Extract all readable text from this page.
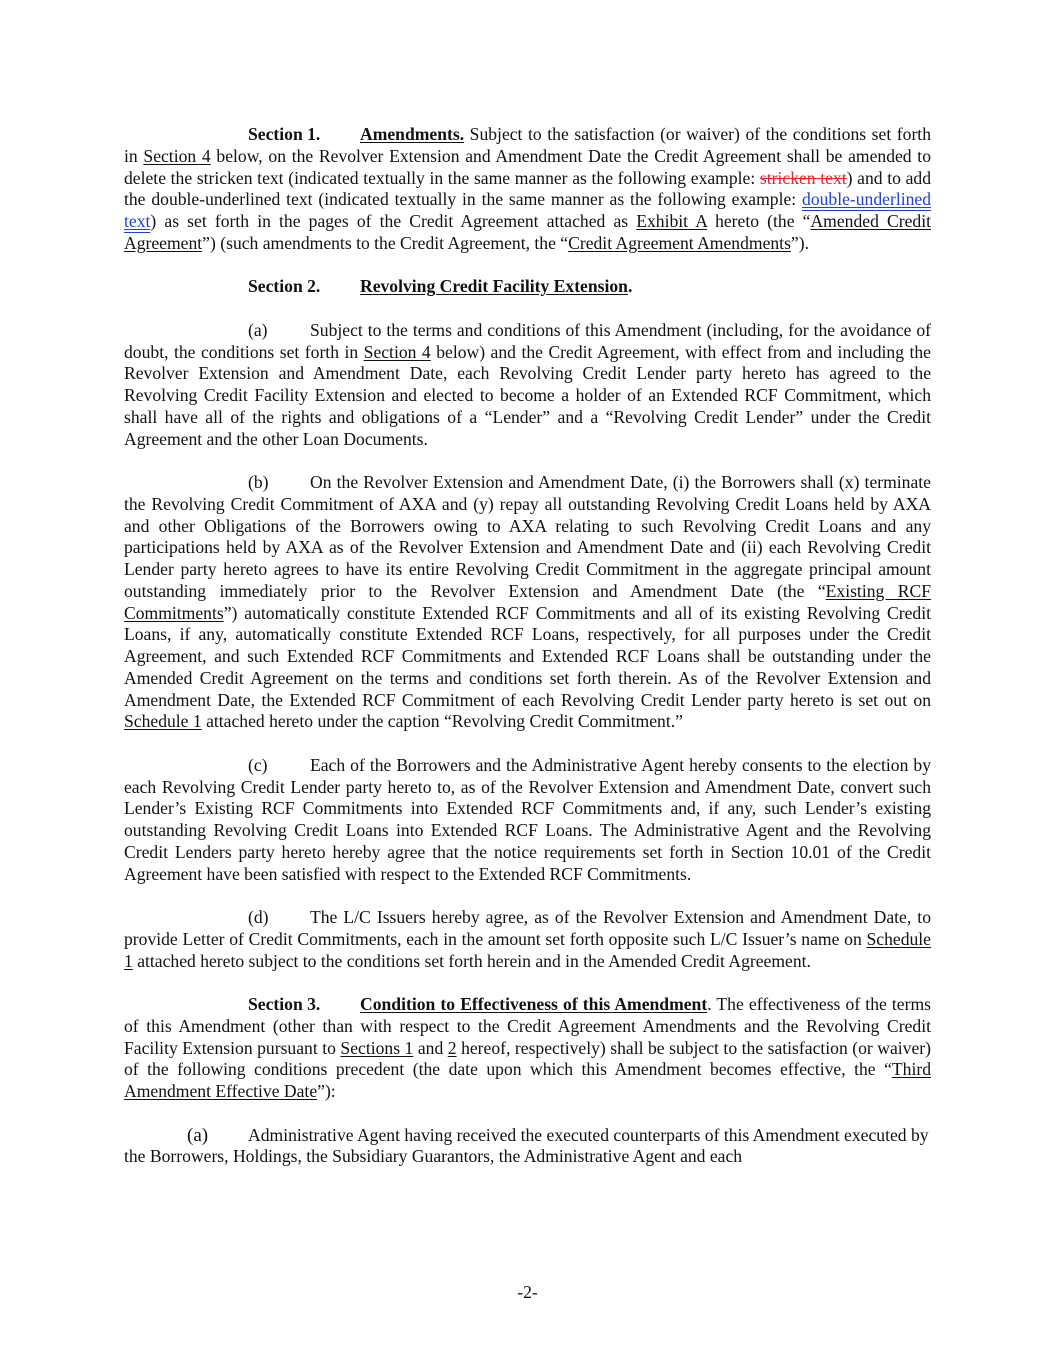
Section 1. Amendments. Subject to the satisfaction (or waiver) of the conditions set forth in Section 4 below, on the Revolver Extension and Amendment Date the Credit Agreement shall be amended to delete the stricken text (indicated textually in the same manner as the following example: stricken text) and to add the double-underlined text (indicated textually in the same manner as the following example: double-underlined text) as set forth in the pages of the Credit Agreement attached as Exhibit A hereto (the “Amended Credit Agreement”) (such amendments to the Credit Agreement, the “Credit Agreement Amendments”).

Section 2. Revolving Credit Facility Extension.

(a) Subject to the terms and conditions of this Amendment (including, for the avoidance of doubt, the conditions set forth in Section 4 below) and the Credit Agreement, with effect from and including the Revolver Extension and Amendment Date, each Revolving Credit Lender party hereto has agreed to the Revolving Credit Facility Extension and elected to become a holder of an Extended RCF Commitment, which shall have all of the rights and obligations of a “Lender” and a “Revolving Credit Lender” under the Credit Agreement and the other Loan Documents.

(b) On the Revolver Extension and Amendment Date, (i) the Borrowers shall (x) terminate the Revolving Credit Commitment of AXA and (y) repay all outstanding Revolving Credit Loans held by AXA and other Obligations of the Borrowers owing to AXA relating to such Revolving Credit Loans and any participations held by AXA as of the Revolver Extension and Amendment Date and (ii) each Revolving Credit Lender party hereto agrees to have its entire Revolving Credit Commitment in the aggregate principal amount outstanding immediately prior to the Revolver Extension and Amendment Date (the “Existing RCF Commitments”) automatically constitute Extended RCF Commitments and all of its existing Revolving Credit Loans, if any, automatically constitute Extended RCF Loans, respectively, for all purposes under the Credit Agreement, and such Extended RCF Commitments and Extended RCF Loans shall be outstanding under the Amended Credit Agreement on the terms and conditions set forth therein. As of the Revolver Extension and Amendment Date, the Extended RCF Commitment of each Revolving Credit Lender party hereto is set out on Schedule 1 attached hereto under the caption “Revolving Credit Commitment.”

(c) Each of the Borrowers and the Administrative Agent hereby consents to the election by each Revolving Credit Lender party hereto to, as of the Revolver Extension and Amendment Date, convert such Lender’s Existing RCF Commitments into Extended RCF Commitments and, if any, such Lender’s existing outstanding Revolving Credit Loans into Extended RCF Loans. The Administrative Agent and the Revolving Credit Lenders party hereto hereby agree that the notice requirements set forth in Section 10.01 of the Credit Agreement have been satisfied with respect to the Extended RCF Commitments.

(d) The L/C Issuers hereby agree, as of the Revolver Extension and Amendment Date, to provide Letter of Credit Commitments, each in the amount set forth opposite such L/C Issuer’s name on Schedule 1 attached hereto subject to the conditions set forth herein and in the Amended Credit Agreement.

Section 3. Condition to Effectiveness of this Amendment. The effectiveness of the terms of this Amendment (other than with respect to the Credit Agreement Amendments and the Revolving Credit Facility Extension pursuant to Sections 1 and 2 hereof, respectively) shall be subject to the satisfaction (or waiver) of the following conditions precedent (the date upon which this Amendment becomes effective, the “Third Amendment Effective Date”):

(a) Administrative Agent having received the executed counterparts of this Amendment executed by the Borrowers, Holdings, the Subsidiary Guarantors, the Administrative Agent and each

-2-
